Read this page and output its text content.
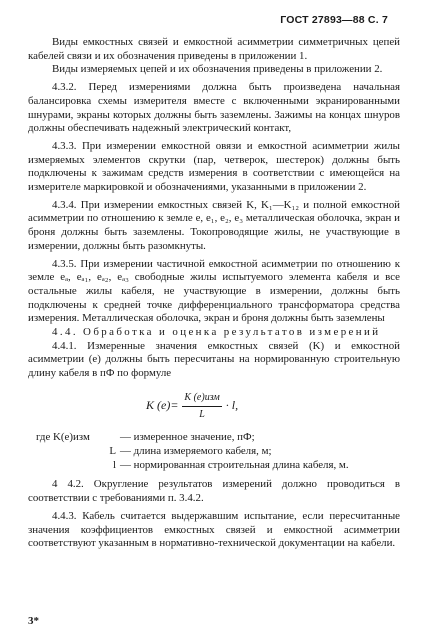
ГОСТ 27893—88 С. 7

Виды емкостных связей и емкостной асимметрии симметричных цепей кабелей связи и их обозначения приведены в приложении 1.

Виды измеряемых цепей и их обозначения приведены в приложении 2.

4.3.2. Перед измерениями должна быть произведена начальная балансировка схемы измерителя вместе с включенными экранированными шнурами, экраны которых должны быть заземлены. Зажимы на концах шнуров должны обеспечивать надежный электрический контакт,

4.3.3. При измерении емкостной овязи и емкостной асимметрии жилы измеряемых элементов скрутки (пар, четверок, шестерок) должны быть подключены к зажимам средств измерения в соответствии с имеющейся на измерителе маркировкой и обозначениями, указанными в приложении 2.

4.3.4. При измерении емкостных связей K, K₁—K₁₂ и полной емкостной асимметрии по отношению к земле e, e₁, e₂, e₃ металлическая оболочка, экран и броня должны быть заземлены. Токопроводящие жилы, не участвующие в измерении, должны быть разомкнуты.

4.3.5. При измерении частичной емкостной асимметрии по отношению к земле eₐ, eₐ₁, eₐ₂, eₐ₃ свободные жилы испытуемого элемента кабеля и все остальные жилы кабеля, не участвующие в измерении, должны быть подключены к средней точке дифференциального трансформатора средства измерения. Металлическая оболочка, экран и броня должны быть заземлены

4.4. Обработка и оценка результатов измерений

4.4.1. Измеренные значения емкостных связей (K) и емкостной асимметрии (e) должны быть пересчитаны на нормированную строительную длину кабеля в пФ по формуле

K $(e)= \frac{\text{K (e)изм}}{L} \cdot l$,
где K(e)изм	— измеренное значение, пФ;
L — длина измеряемого кабеля, м;
l — нормированная строительная длина кабеля, м.

4 4.2. Округление результатов измерений должно проводиться в соответствии с требованиями п. 3.4.2.

4.4.3. Кабель считается выдержавшим испытание, если пересчитанные значения коэффициентов емкостных связей и емкостной асимметрии соответствуют указанным в нормативно-технической документации на кабели.

3*
